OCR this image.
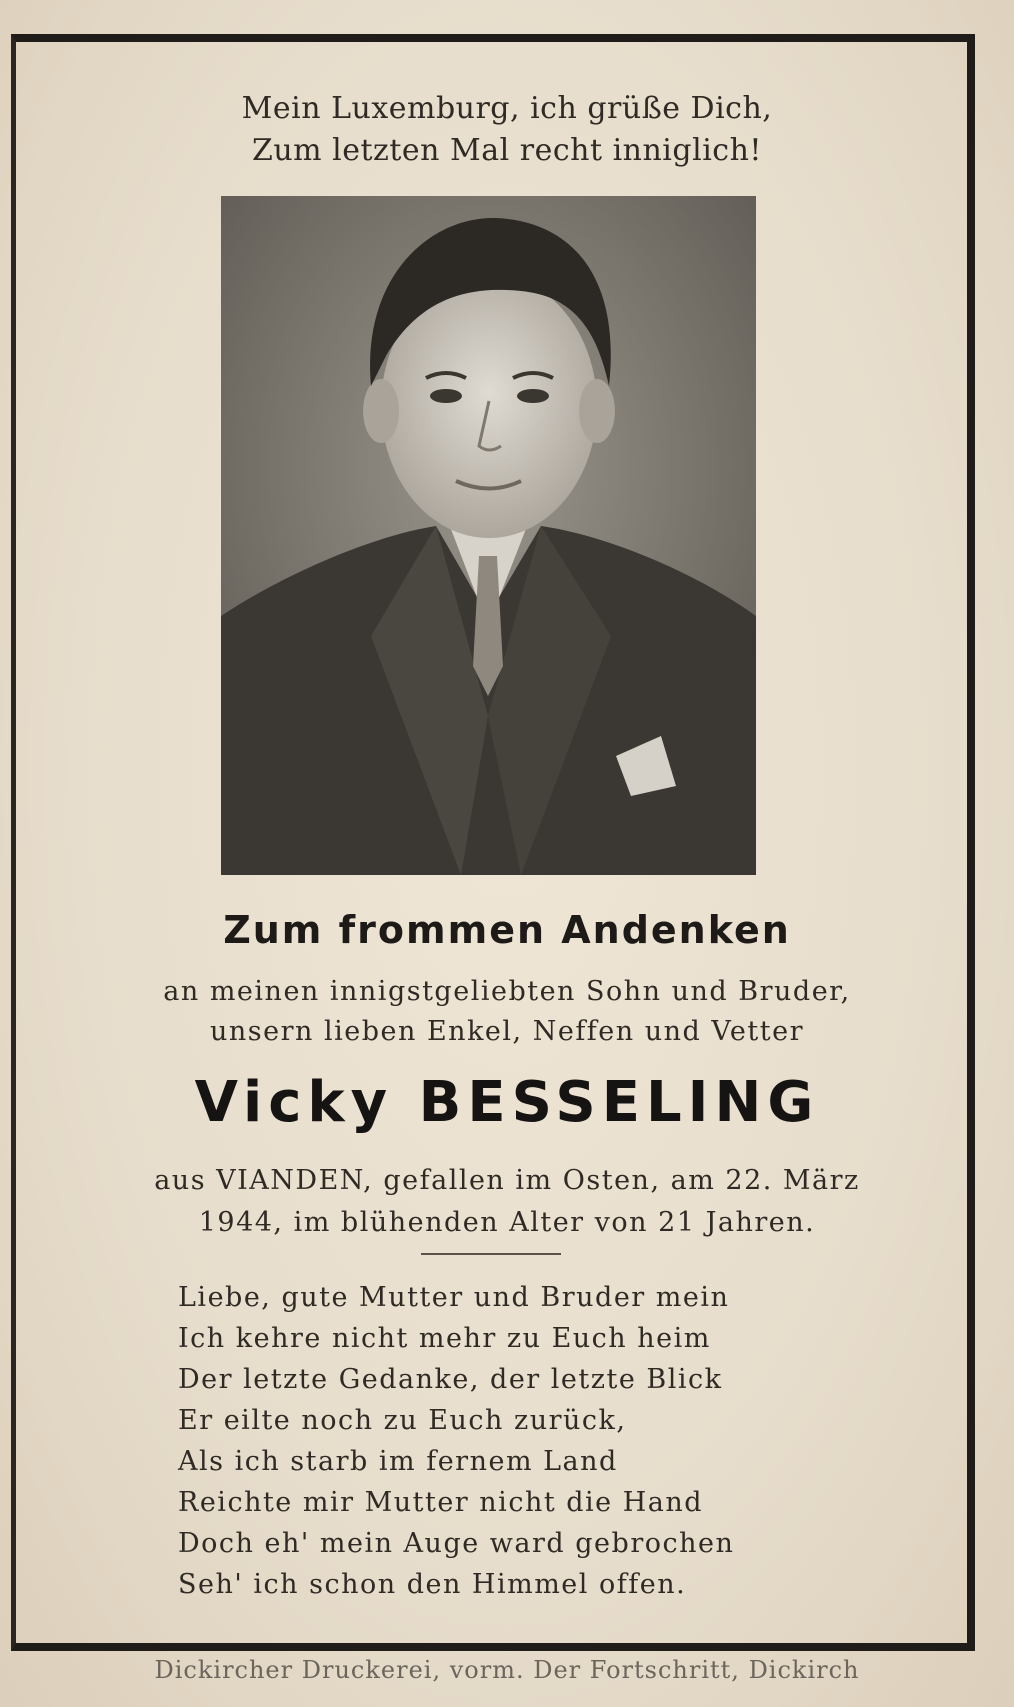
Mein Luxemburg, ich grüße Dich,
Zum letzten Mal recht inniglich!
Zum frommen Andenken
an meinen innigstgeliebten Sohn und Bruder,
unsern lieben Enkel, Neffen und Vetter
Vicky BESSELING
aus VIANDEN, gefallen im Osten, am 22. März
1944, im blühenden Alter von 21 Jahren.
Liebe, gute Mutter und Bruder mein
Ich kehre nicht mehr zu Euch heim
Der letzte Gedanke, der letzte Blick
Er eilte noch zu Euch zurück,
Als ich starb im fernem Land
Reichte mir Mutter nicht die Hand
Doch eh' mein Auge ward gebrochen
Seh' ich schon den Himmel offen.
Dickircher Druckerei, vorm. Der Fortschritt, Dickirch
